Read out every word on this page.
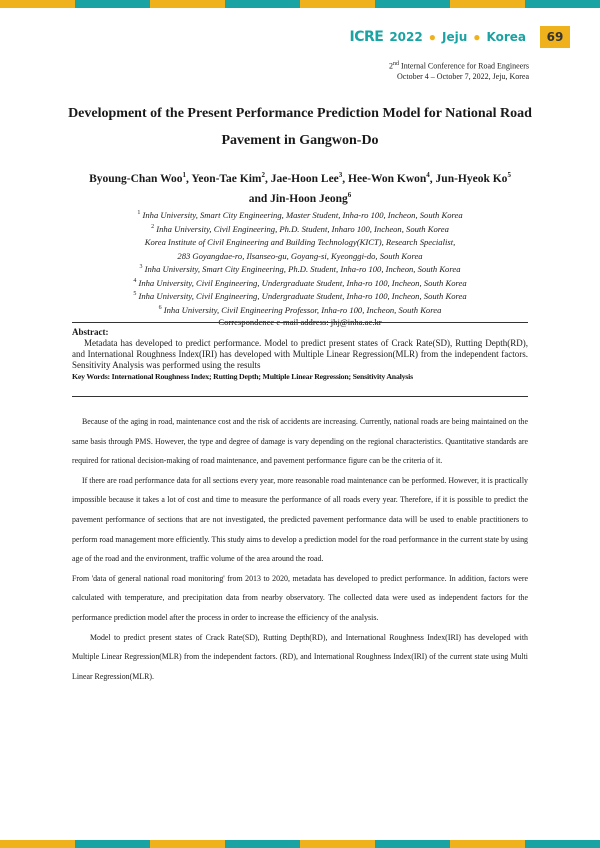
ICRE 2022 ● Jeju ● Korea	69
2nd Internal Conference for Road Engineers
October 4 – October 7, 2022, Jeju, Korea
Development of the Present Performance Prediction Model for National Road
Pavement in Gangwon-Do
Byoung-Chan Woo$^1$, Yeon-Tae Kim$^2$, Jae-Hoon Lee$^3$, Hee-Won Kwon$^4$, Jun-Hyeok Ko$^5$
and Jin-Hoon Jeong$^6$
$^1$ Inha University, Smart City Engineering, Master Student, Inha-ro 100, Incheon, South Korea
$^2$ Inha University, Civil Engineering, Ph.D. Student, Inharo 100, Incheon, South Korea
Korea Institute of Civil Engineering and Building Technology(KICT), Research Specialist,
283 Goyangdae-ro, Ilsanseo-gu, Goyang-si, Kyeonggi-do, South Korea
$^3$ Inha University, Smart City Engineering, Ph.D. Student, Inha-ro 100, Incheon, South Korea
$^4$ Inha University, Civil Engineering, Undergraduate Student, Inha-ro 100, Incheon, South Korea
$^5$ Inha University, Civil Engineering, Undergraduate Student, Inha-ro 100, Incheon, South Korea
$^6$ Inha University, Civil Engineering Professor, Inha-ro 100, Incheon, South Korea
Correspondence e-mail address: jhj@inha.ac.kr
Abstract:
Metadata has developed to predict performance. Model to predict present states of Crack Rate(SD), Rutting Depth(RD), and International Roughness Index(IRI) has developed with Multiple Linear Regression(MLR) from the independent factors. Sensitivity Analysis was performed using the results
Key Words: International Roughness Index; Rutting Depth; Multiple Linear Regression; Sensitivity Analysis

Because of the aging in road, maintenance cost and the risk of accidents are increasing. Currently, national roads are being maintained on the same basis through PMS. However, the type and degree of damage is vary depending on the regional characteristics. Quantitative standards are required for rational decision-making of road maintenance, and pavement performance figure can be the criteria of it.

If there are road performance data for all sections every year, more reasonable road maintenance can be performed. However, it is practically impossible because it takes a lot of cost and time to measure the performance of all roads every year. Therefore, if it is possible to predict the pavement performance of sections that are not investigated, the predicted pavement performance data will be used to enable practitioners to perform road management more efficiently. This study aims to develop a prediction model for the road performance in the current state by using age of the road and the environment, traffic volume of the area around the road.

From 'data of general national road monitoring' from 2013 to 2020, metadata has developed to predict performance. In addition, factors were calculated with temperature, and precipitation data from nearby observatory. The collected data were used as independent factors for the performance prediction model after the process in order to increase the efficiency of the analysis.

Model to predict present states of Crack Rate(SD), Rutting Depth(RD), and International Roughness Index(IRI) has developed with Multiple Linear Regression(MLR) from the independent factors. (RD), and International Roughness Index(IRI) of the current state using Multi Linear Regression(MLR).
